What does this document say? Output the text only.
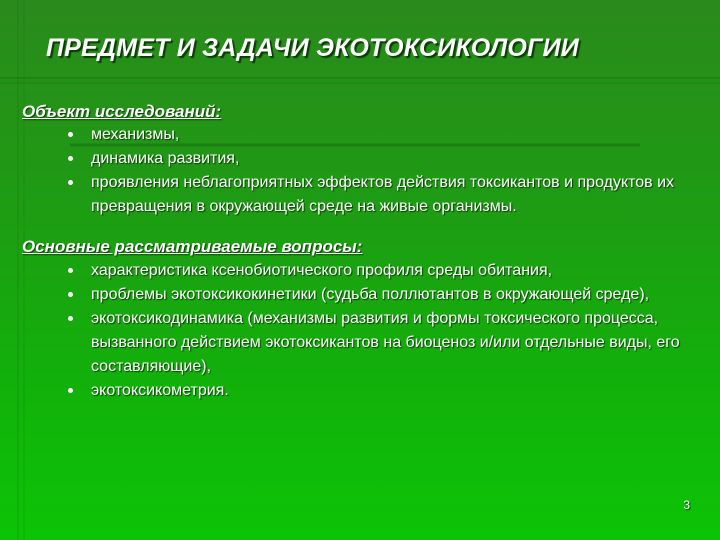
ПРЕДМЕТ И ЗАДАЧИ ЭКОТОКСИКОЛОГИИ

Объект исследований:

механизмы,
динамика развития,
проявления неблагоприятных эффектов действия токсикантов и продуктов их превращения в окружающей среде на живые организмы.

Основные рассматриваемые вопросы:

характеристика ксенобиотического профиля среды обитания,
проблемы экотоксикокинетики (судьба поллютантов в окружающей среде),
экотоксикодинамика (механизмы развития и формы токсического процесса, вызванного действием экотоксикантов на биоценоз и/или отдельные виды, его составляющие),
экотоксикометрия.
3
